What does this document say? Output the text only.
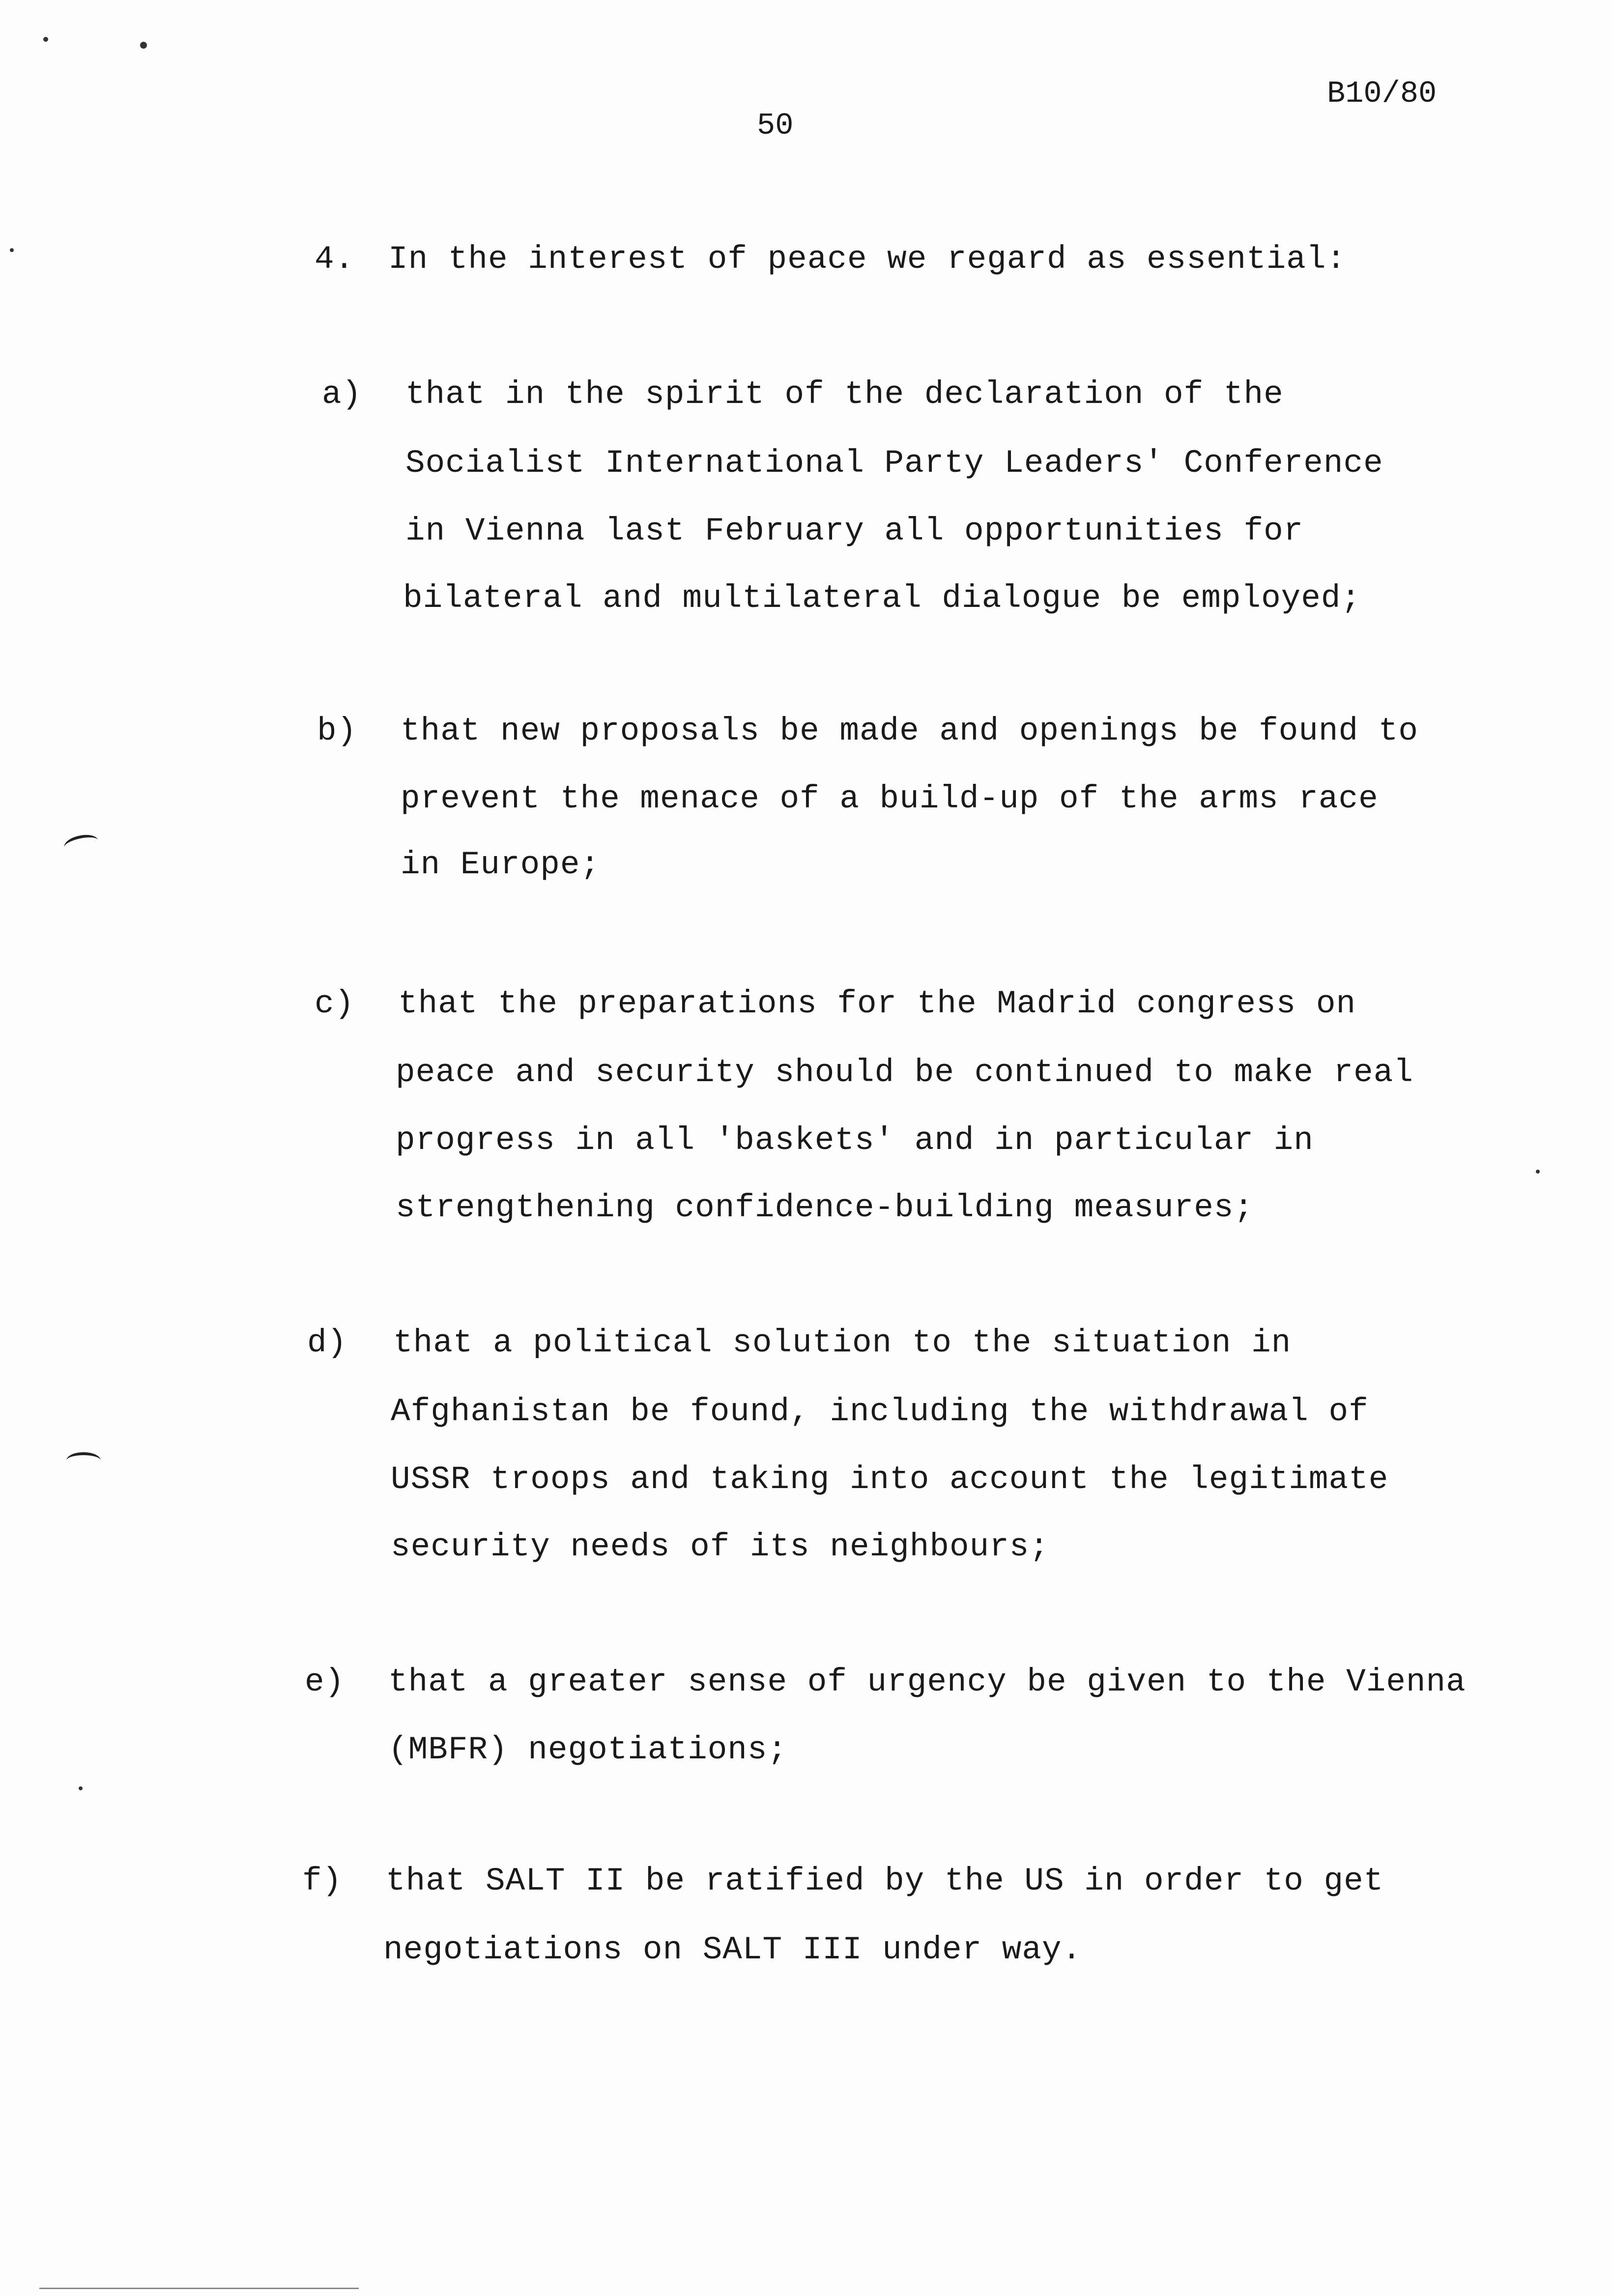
B10/80
50
4. In the interest of peace we regard as essential:
a) that in the spirit of the declaration of the
Socialist International Party Leaders' Conference
in Vienna last February all opportunities for
bilateral and multilateral dialogue be employed;
b) that new proposals be made and openings be found to
prevent the menace of a build-up of the arms race
in Europe;
c) that the preparations for the Madrid congress on
peace and security should be continued to make real
progress in all 'baskets' and in particular in
strengthening confidence-building measures;
d) that a political solution to the situation in
Afghanistan be found, including the withdrawal of
USSR troops and taking into account the legitimate
security needs of its neighbours;
e) that a greater sense of urgency be given to the Vienna
(MBFR) negotiations;
f) that SALT II be ratified by the US in order to get
negotiations on SALT III under way.
